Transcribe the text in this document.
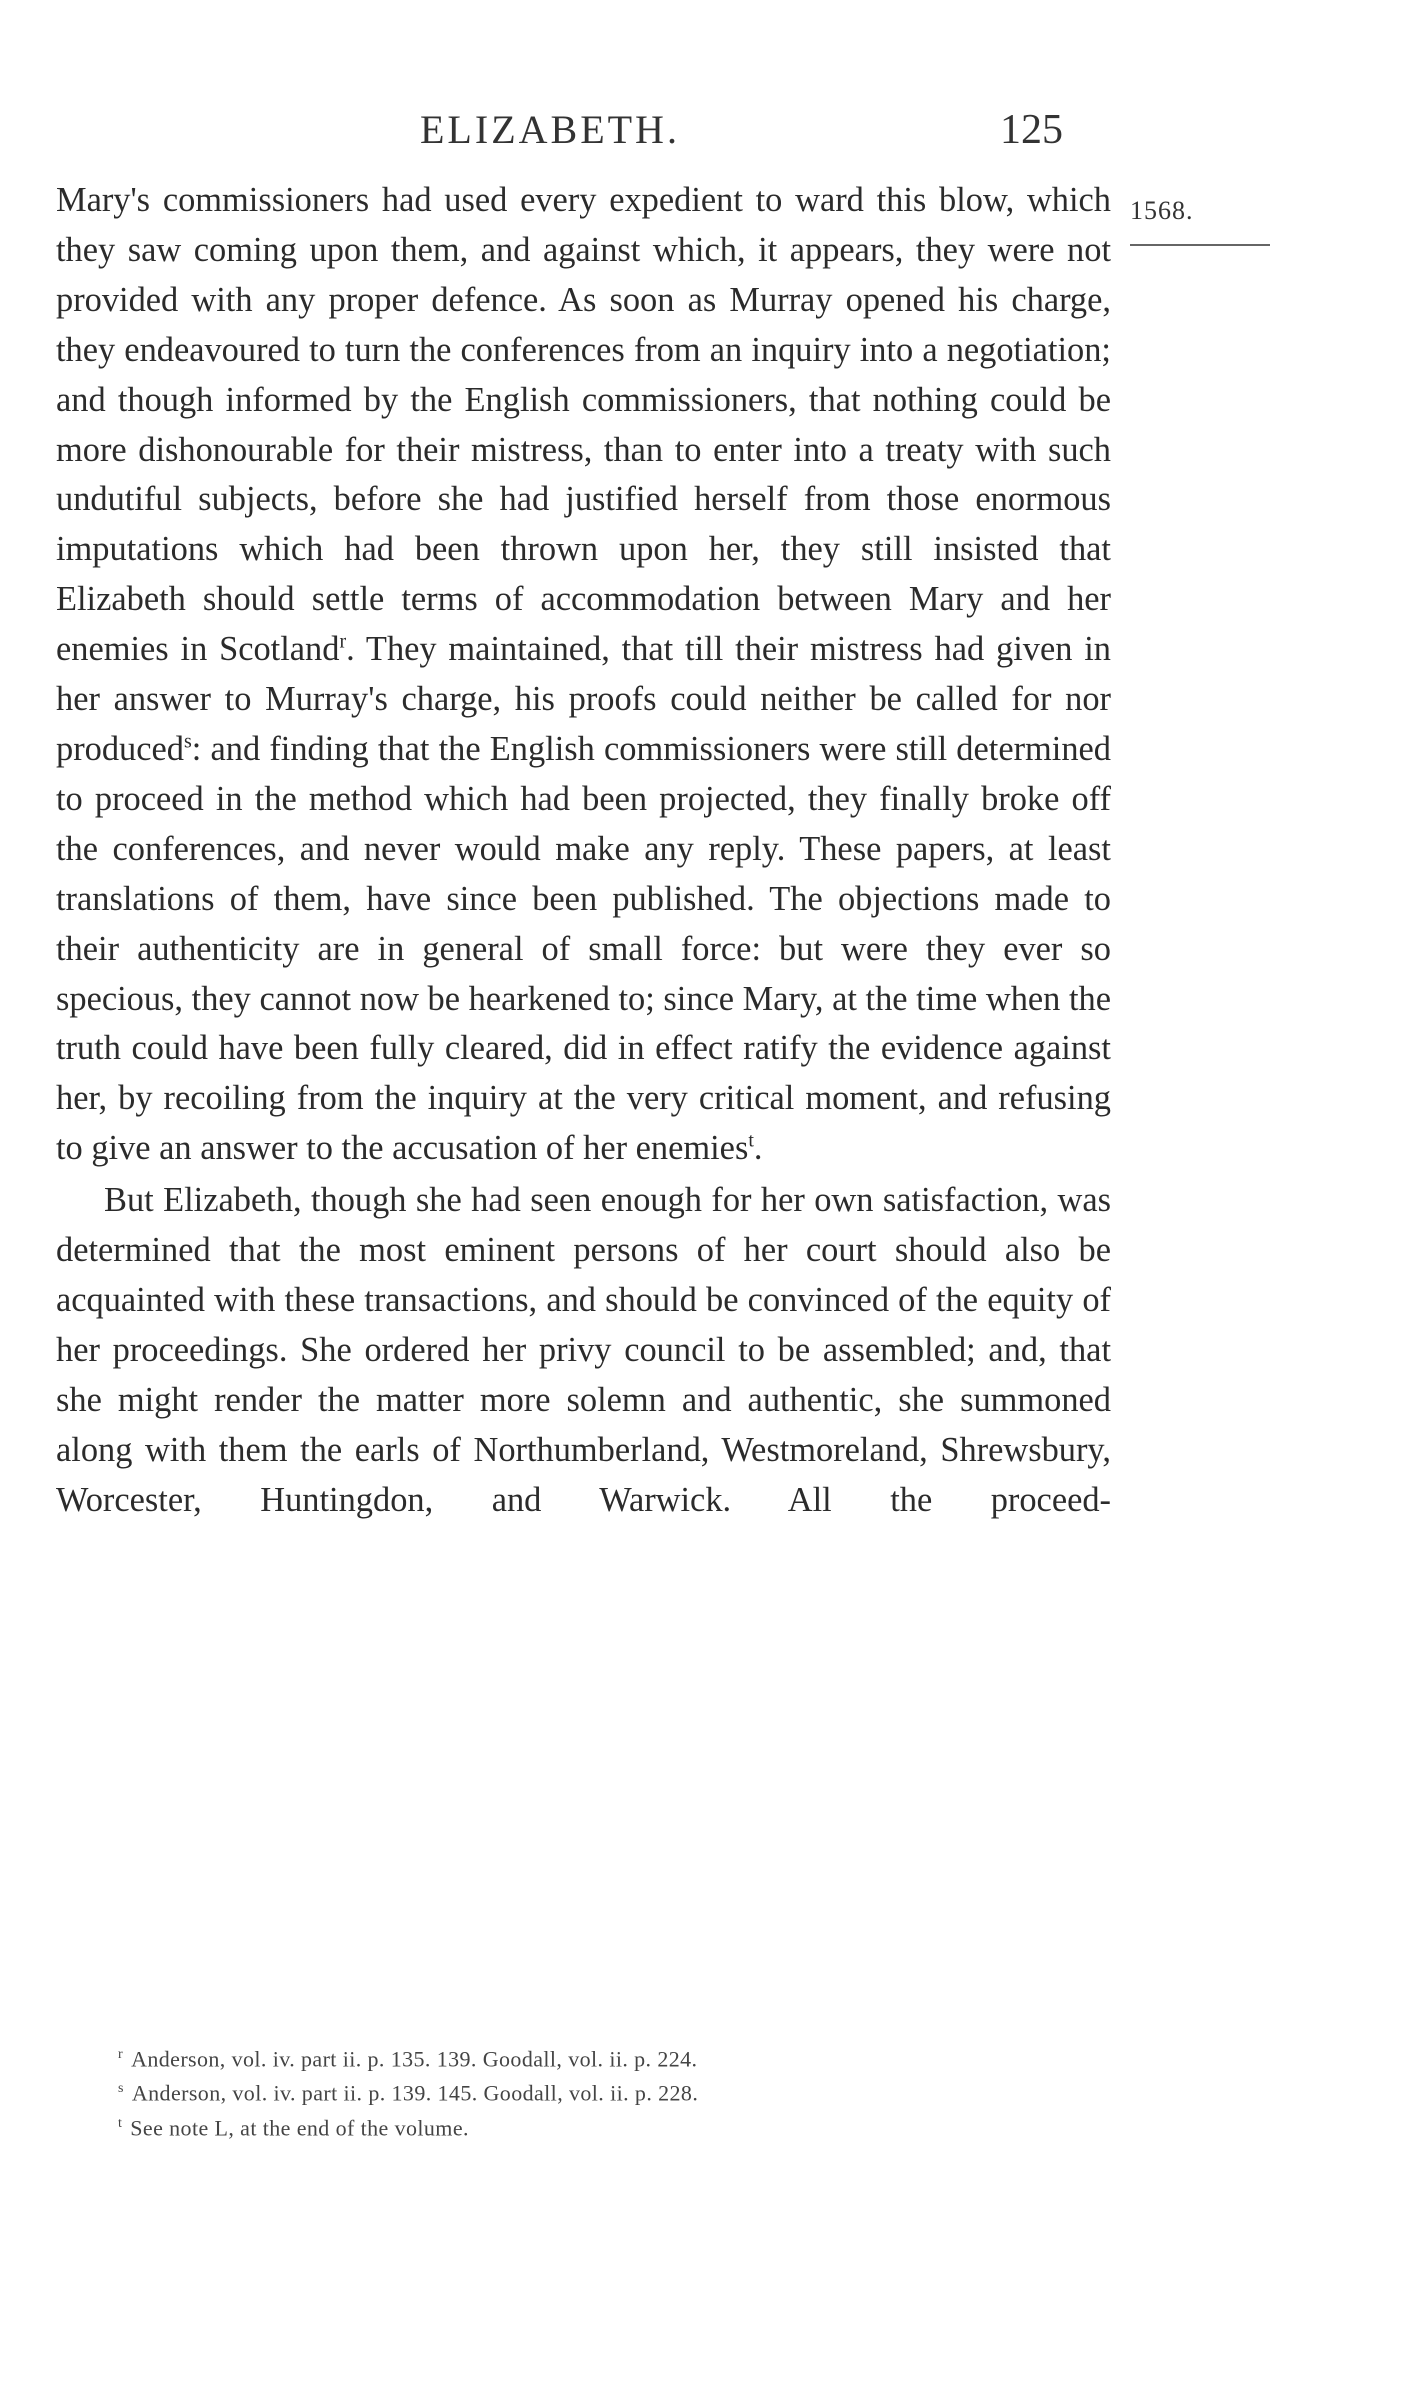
ELIZABETH.	125
1568.

Mary's commissioners had used every expedient to ward this blow, which they saw coming upon them, and against which, it appears, they were not provided with any proper defence. As soon as Murray opened his charge, they endeavoured to turn the conferences from an inquiry into a negotiation; and though informed by the English commissioners, that nothing could be more dishonourable for their mistress, than to enter into a treaty with such undutiful subjects, before she had justified herself from those enormous imputations which had been thrown upon her, they still insisted that Elizabeth should settle terms of accommodation between Mary and her enemies in Scotland$^r$. They maintained, that till their mistress had given in her answer to Murray's charge, his proofs could neither be called for nor produced$^s$: and finding that the English commissioners were still determined to proceed in the method which had been projected, they finally broke off the conferences, and never would make any reply. These papers, at least translations of them, have since been published. The objections made to their authenticity are in general of small force: but were they ever so specious, they cannot now be hearkened to; since Mary, at the time when the truth could have been fully cleared, did in effect ratify the evidence against her, by recoiling from the inquiry at the very critical moment, and refusing to give an answer to the accusation of her enemies$^t$.

But Elizabeth, though she had seen enough for her own satisfaction, was determined that the most eminent persons of her court should also be acquainted with these transactions, and should be convinced of the equity of her proceedings. She ordered her privy council to be assembled; and, that she might render the matter more solemn and authentic, she summoned along with them the earls of Northumberland, Westmoreland, Shrewsbury, Worcester, Huntingdon, and Warwick. All the proceed-

$^r$ Anderson, vol. iv. part ii. p. 135. 139. Goodall, vol. ii. p. 224.
$^s$ Anderson, vol. iv. part ii. p. 139. 145. Goodall, vol. ii. p. 228.
$^t$ See note L, at the end of the volume.
